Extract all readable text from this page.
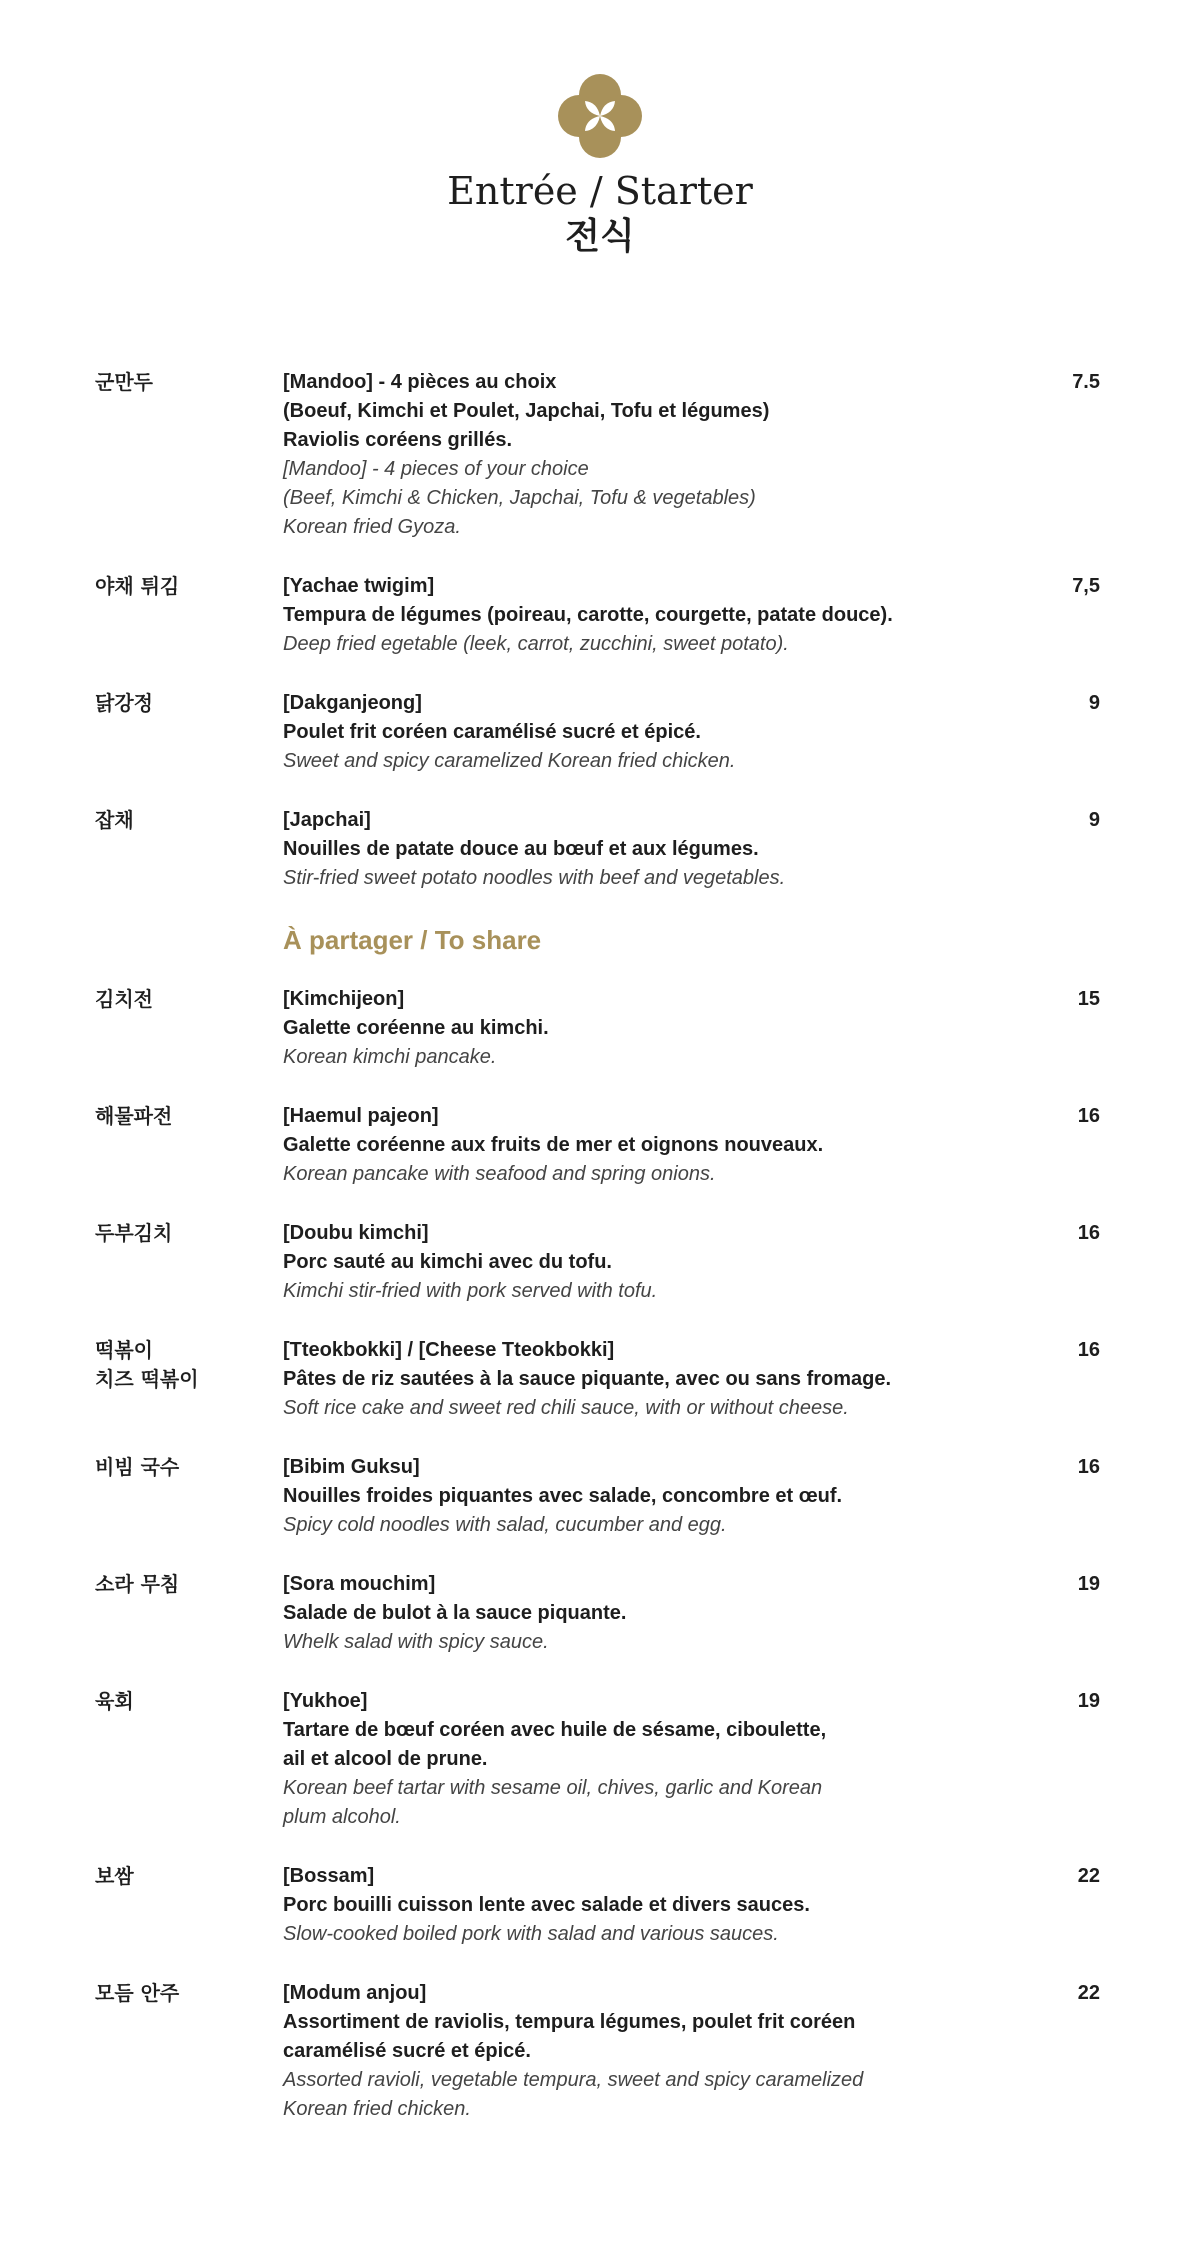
Entrée / Starter
전식
군만두	[Mandoo] - 4 pièces au choix
(Boeuf, Kimchi et Poulet, Japchai, Tofu et légumes)
Raviolis coréens grillés.
[Mandoo] - 4 pieces of your choice
(Beef, Kimchi & Chicken, Japchai, Tofu & vegetables)
Korean fried Gyoza.
7.5
야채 튀김	[Yachae twigim]
Tempura de légumes (poireau, carotte, courgette, patate douce).
Deep fried egetable (leek, carrot, zucchini, sweet potato).
7,5
닭강정	[Dakganjeong]
Poulet frit coréen caramélisé sucré et épicé.
Sweet and spicy caramelized Korean fried chicken.
9
잡채	[Japchai]
Nouilles de patate douce au bœuf et aux légumes.
Stir-fried sweet potato noodles with beef and vegetables.
9
À partager / To share
김치전	[Kimchijeon]
Galette coréenne au kimchi.
Korean kimchi pancake.
15
해물파전	[Haemul pajeon]
Galette coréenne aux fruits de mer et oignons nouveaux.
Korean pancake with seafood and spring onions.
16
두부김치	[Doubu kimchi]
Porc sauté au kimchi avec du tofu.
Kimchi stir-fried with pork served with tofu.
16
떡볶이
치즈 떡볶이
[Tteokbokki] / [Cheese Tteokbokki]
Pâtes de riz sautées à la sauce piquante, avec ou sans fromage.
Soft rice cake and sweet red chili sauce, with or without cheese.
16
비빔 국수	[Bibim Guksu]
Nouilles froides piquantes avec salade, concombre et œuf.
Spicy cold noodles with salad, cucumber and egg.
16
소라 무침	[Sora mouchim]
Salade de bulot à la sauce piquante.
Whelk salad with spicy sauce.
19
육회	[Yukhoe]
Tartare de bœuf coréen avec huile de sésame, ciboulette,
ail et alcool de prune.
Korean beef tartar with sesame oil, chives, garlic and Korean
plum alcohol.
19
보쌈	[Bossam]
Porc bouilli cuisson lente avec salade et divers sauces.
Slow-cooked boiled pork with salad and various sauces.
22
모듬 안주	[Modum anjou]
Assortiment de raviolis, tempura légumes, poulet frit coréen
caramélisé sucré et épicé.
Assorted ravioli, vegetable tempura, sweet and spicy caramelized
Korean fried chicken.
22
